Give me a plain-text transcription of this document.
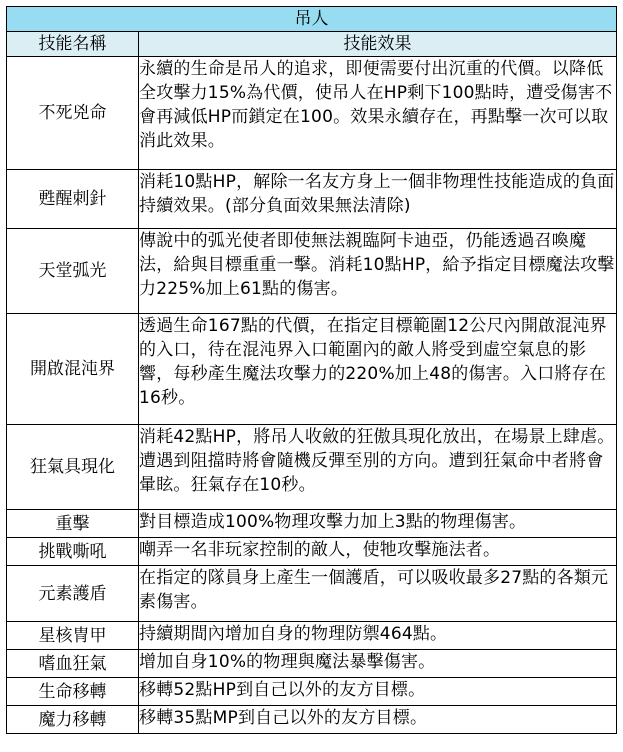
吊人	
技能名稱	技能效果
不死兇命	永續的生命是吊人的追求，即便需要付出沉重的代價。以降低全攻擊力15%為代價，使吊人在HP剩下100點時，遭受傷害不會再減低HP而鎖定在100。效果永續存在，再點擊一次可以取消此效果。
甦醒刺針	消耗10點HP，解除一名友方身上一個非物理性技能造成的負面持續效果。(部分負面效果無法清除)
天堂弧光	傳說中的弧光使者即使無法親臨阿卡迪亞，仍能透過召喚魔法，給與目標重重一擊。消耗10點HP，給予指定目標魔法攻擊力225%加上61點的傷害。
開啟混沌界	透過生命167點的代價，在指定目標範圍12公尺內開啟混沌界的入口，待在混沌界入口範圍內的敵人將受到虛空氣息的影響，每秒產生魔法攻擊力的220%加上48的傷害。入口將存在16秒。
狂氣具現化	消耗42點HP，將吊人收斂的狂傲具現化放出，在場景上肆虐。遭遇到阻擋時將會隨機反彈至別的方向。遭到狂氣命中者將會暈眩。狂氣存在10秒。
重擊	對目標造成100%物理攻擊力加上3點的物理傷害。
挑戰嘶吼	嘲弄一名非玩家控制的敵人，使牠攻擊施法者。
元素護盾	在指定的隊員身上產生一個護盾，可以吸收最多27點的各類元素傷害。
星核冑甲	持續期間內增加自身的物理防禦464點。
嗜血狂氣	增加自身10%的物理與魔法暴擊傷害。
生命移轉	移轉52點HP到自己以外的友方目標。
魔力移轉	移轉35點MP到自己以外的友方目標。
